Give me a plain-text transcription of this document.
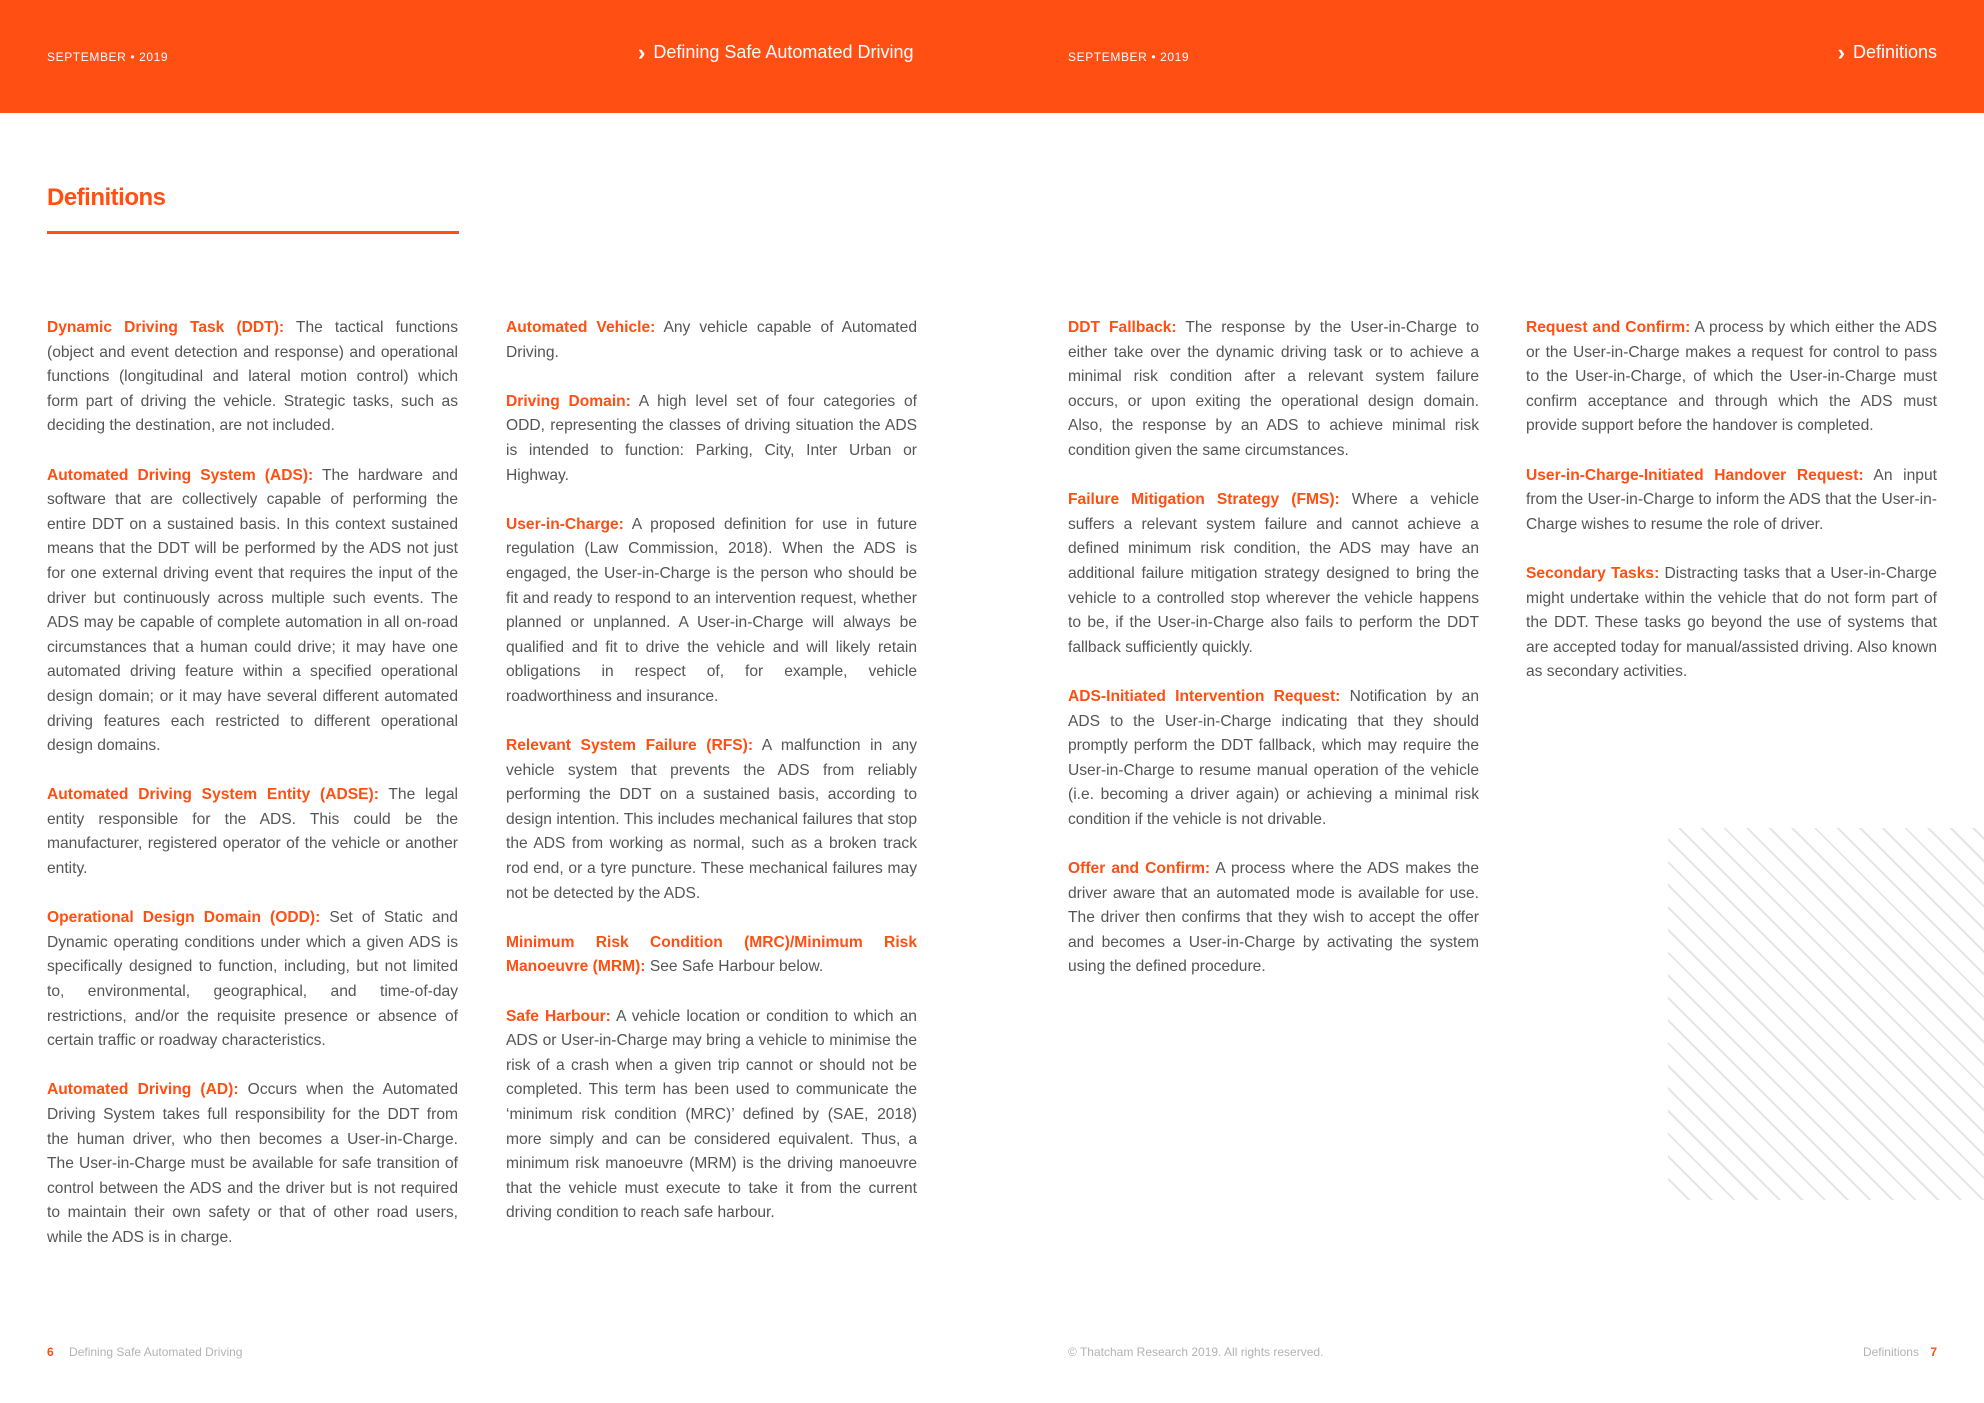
SEPTEMBER • 2019	› Defining Safe Automated Driving	SEPTEMBER • 2019	› Definitions
Definitions

Dynamic Driving Task (DDT): The tactical functions (object and event detection and response) and operational functions (longitudinal and lateral motion control) which form part of driving the vehicle. Strategic tasks, such as deciding the destination, are not included.

Automated Driving System (ADS): The hardware and software that are collectively capable of performing the entire DDT on a sustained basis. In this context sustained means that the DDT will be performed by the ADS not just for one external driving event that requires the input of the driver but continuously across multiple such events. The ADS may be capable of complete automation in all on-road circumstances that a human could drive; it may have one automated driving feature within a specified operational design domain; or it may have several different automated driving features each restricted to different operational design domains.

Automated Driving System Entity (ADSE): The legal entity responsible for the ADS. This could be the manufacturer, registered operator of the vehicle or another entity.

Operational Design Domain (ODD): Set of Static and Dynamic operating conditions under which a given ADS is specifically designed to function, including, but not limited to, environmental, geographical, and time-of-day restrictions, and/or the requisite presence or absence of certain traffic or roadway characteristics.

Automated Driving (AD): Occurs when the Automated Driving System takes full responsibility for the DDT from the human driver, who then becomes a User-in-Charge. The User-in-Charge must be available for safe transition of control between the ADS and the driver but is not required to maintain their own safety or that of other road users, while the ADS is in charge.

Automated Vehicle: Any vehicle capable of Automated Driving.

Driving Domain: A high level set of four categories of ODD, representing the classes of driving situation the ADS is intended to function: Parking, City, Inter Urban or Highway.

User-in-Charge: A proposed definition for use in future regulation (Law Commission, 2018). When the ADS is engaged, the User-in-Charge is the person who should be fit and ready to respond to an intervention request, whether planned or unplanned. A User-in-Charge will always be qualified and fit to drive the vehicle and will likely retain obligations in respect of, for example, vehicle roadworthiness and insurance.

Relevant System Failure (RFS): A malfunction in any vehicle system that prevents the ADS from reliably performing the DDT on a sustained basis, according to design intention. This includes mechanical failures that stop the ADS from working as normal, such as a broken track rod end, or a tyre puncture. These mechanical failures may not be detected by the ADS.

Minimum Risk Condition (MRC)/Minimum Risk Manoeuvre (MRM): See Safe Harbour below.

Safe Harbour: A vehicle location or condition to which an ADS or User-in-Charge may bring a vehicle to minimise the risk of a crash when a given trip cannot or should not be completed. This term has been used to communicate the ‘minimum risk condition (MRC)’ defined by (SAE, 2018) more simply and can be considered equivalent. Thus, a minimum risk manoeuvre (MRM) is the driving manoeuvre that the vehicle must execute to take it from the current driving condition to reach safe harbour.

DDT Fallback: The response by the User-in-Charge to either take over the dynamic driving task or to achieve a minimal risk condition after a relevant system failure occurs, or upon exiting the operational design domain. Also, the response by an ADS to achieve minimal risk condition given the same circumstances.

Failure Mitigation Strategy (FMS): Where a vehicle suffers a relevant system failure and cannot achieve a defined minimum risk condition, the ADS may have an additional failure mitigation strategy designed to bring the vehicle to a controlled stop wherever the vehicle happens to be, if the User-in-Charge also fails to perform the DDT fallback sufficiently quickly.

ADS-Initiated Intervention Request: Notification by an ADS to the User-in-Charge indicating that they should promptly perform the DDT fallback, which may require the User-in-Charge to resume manual operation of the vehicle (i.e. becoming a driver again) or achieving a minimal risk condition if the vehicle is not drivable.

Offer and Confirm: A process where the ADS makes the driver aware that an automated mode is available for use. The driver then confirms that they wish to accept the offer and becomes a User-in-Charge by activating the system using the defined procedure.

Request and Confirm: A process by which either the ADS or the User-in-Charge makes a request for control to pass to the User-in-Charge, of which the User-in-Charge must confirm acceptance and through which the ADS must provide support before the handover is completed.

User-in-Charge-Initiated Handover Request: An input from the User-in-Charge to inform the ADS that the User-in-Charge wishes to resume the role of driver.

Secondary Tasks: Distracting tasks that a User-in-Charge might undertake within the vehicle that do not form part of the DDT. These tasks go beyond the use of systems that are accepted today for manual/assisted driving. Also known as secondary activities.

6 Defining Safe Automated Driving	© Thatcham Research 2019. All rights reserved.	Definitions 7
